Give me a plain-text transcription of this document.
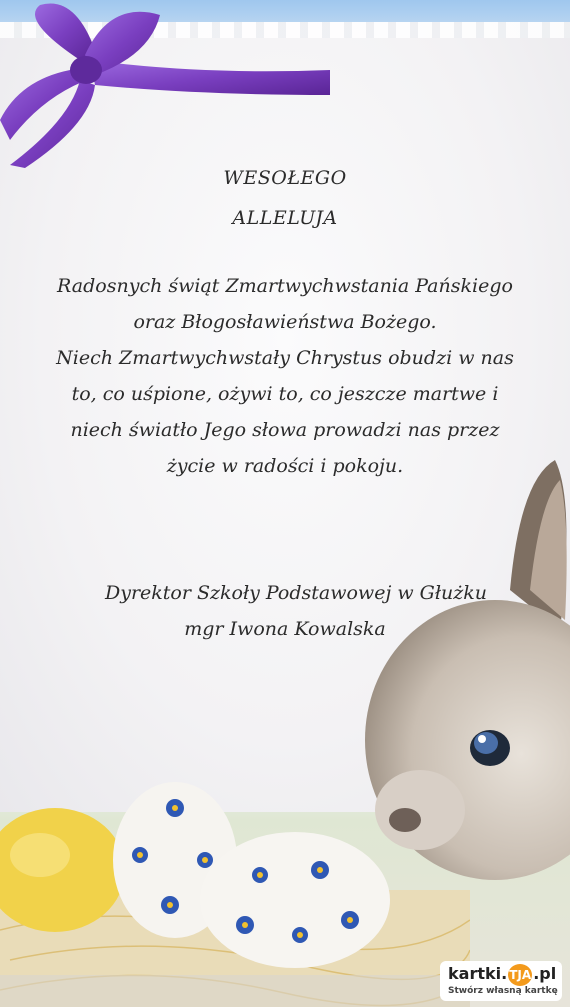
WESOŁEGO
ALLELUJA
Radosnych świąt Zmartwychwstania Pańskiego
oraz Błogosławieństwa Bożego.
Niech Zmartwychwstały Chrystus obudzi w nas
to, co uśpione, ożywi to, co jeszcze martwe i
niech światło Jego słowa prowadzi nas przez
życie w radości i pokoju.
Dyrektor Szkoły Podstawowej w Głużku
mgr Iwona Kowalska
kartki. TJA .pl
Stwórz własną kartkę
